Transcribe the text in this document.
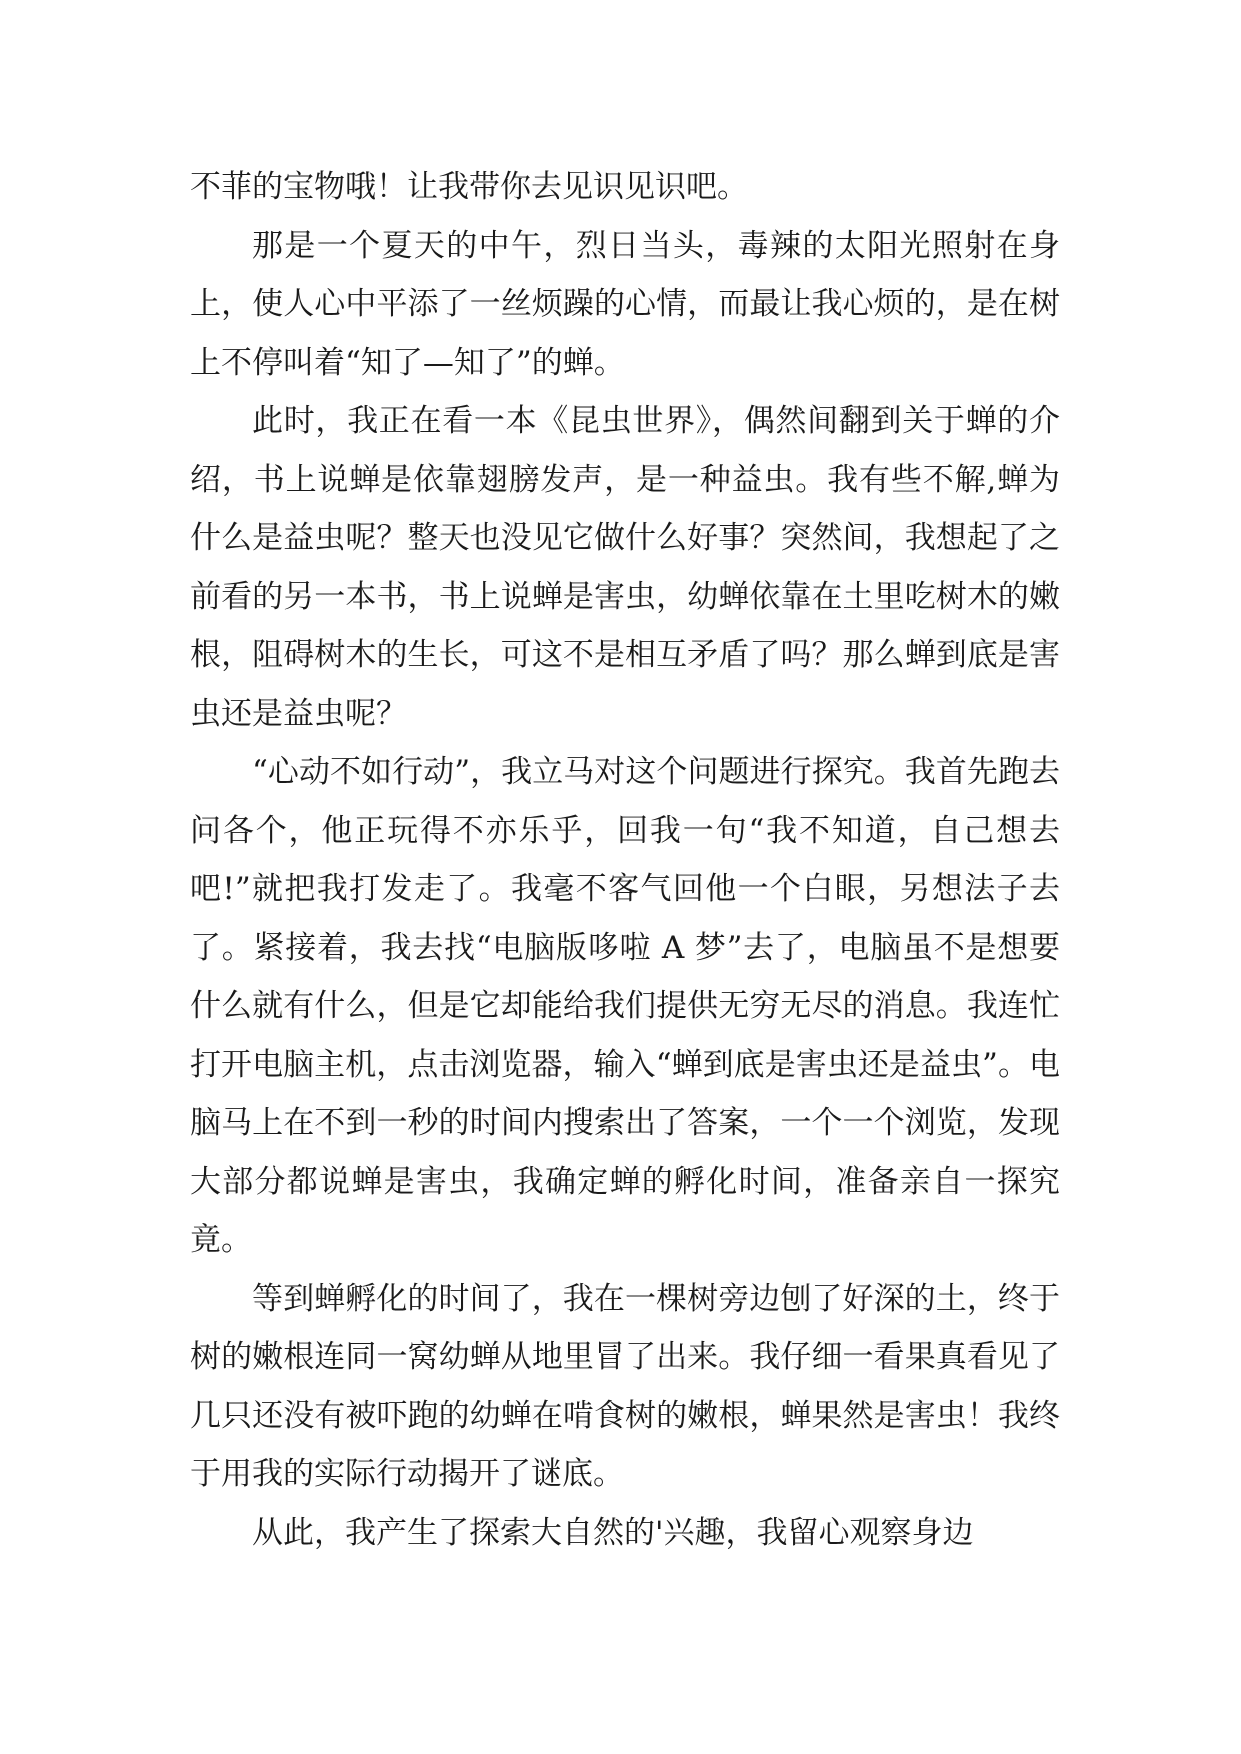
不菲的宝物哦！让我带你去见识见识吧。

那是一个夏天的中午，烈日当头，毒辣的太阳光照射在身上，使人心中平添了一丝烦躁的心情，而最让我心烦的，是在树上不停叫着“知了—知了”的蝉。

此时，我正在看一本《昆虫世界》，偶然间翻到关于蝉的介绍，书上说蝉是依靠翅膀发声，是一种益虫。我有些不解,蝉为什么是益虫呢？整天也没见它做什么好事？突然间，我想起了之前看的另一本书，书上说蝉是害虫，幼蝉依靠在土里吃树木的嫩根，阻碍树木的生长，可这不是相互矛盾了吗？那么蝉到底是害虫还是益虫呢？

“心动不如行动”，我立马对这个问题进行探究。我首先跑去问各个，他正玩得不亦乐乎，回我一句“我不知道，自己想去吧!”就把我打发走了。我毫不客气回他一个白眼，另想法子去了。紧接着，我去找“电脑版哆啦 A 梦”去了，电脑虽不是想要什么就有什么，但是它却能给我们提供无穷无尽的消息。我连忙打开电脑主机，点击浏览器，输入“蝉到底是害虫还是益虫”。电脑马上在不到一秒的时间内搜索出了答案，一个一个浏览，发现大部分都说蝉是害虫，我确定蝉的孵化时间，准备亲自一探究竟。

等到蝉孵化的时间了，我在一棵树旁边刨了好深的土，终于树的嫩根连同一窝幼蝉从地里冒了出来。我仔细一看果真看见了几只还没有被吓跑的幼蝉在啃食树的嫩根，蝉果然是害虫！我终于用我的实际行动揭开了谜底。

从此，我产生了探索大自然的'兴趣，我留心观察身边
